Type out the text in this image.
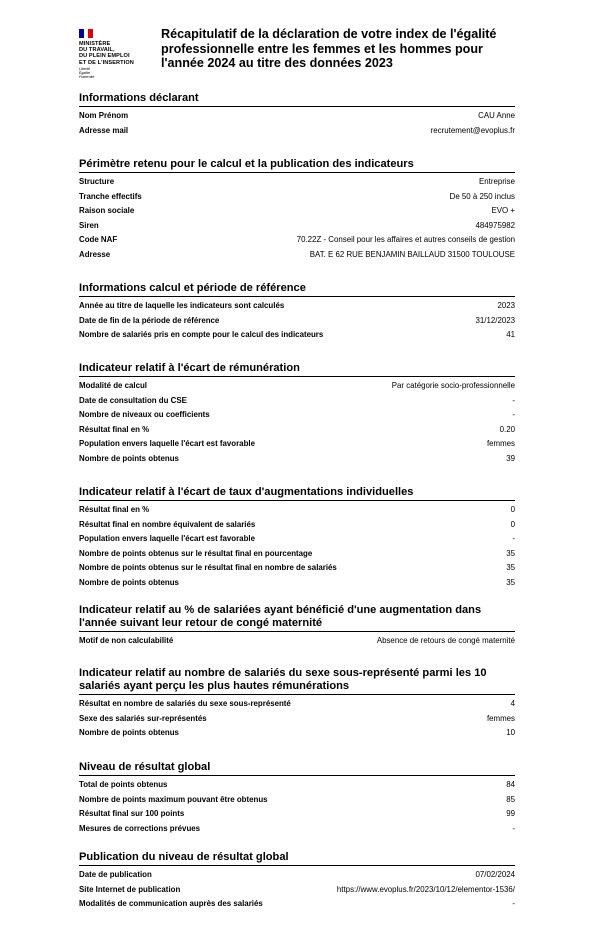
MINISTÈRE
DU TRAVAIL,
DU PLEIN EMPLOI
ET DE L'INSERTION
Liberté
Égalité
Fraternité
Récapitulatif de la déclaration de votre index de l'égalité professionnelle entre les femmes et les hommes pour l'année 2024 au titre des données 2023
Informations déclarant
Nom Prénom	CAU Anne
Adresse mail	recrutement@evoplus.fr
Périmètre retenu pour le calcul et la publication des indicateurs
Structure	Entreprise
Tranche effectifs	De 50 à 250 inclus
Raison sociale	EVO +
Siren	484975982
Code NAF	70.22Z - Conseil pour les affaires et autres conseils de gestion
Adresse	BAT. E 62 RUE BENJAMIN BAILLAUD 31500 TOULOUSE
Informations calcul et période de référence
Année au titre de laquelle les indicateurs sont calculés	2023
Date de fin de la période de référence	31/12/2023
Nombre de salariés pris en compte pour le calcul des indicateurs	41
Indicateur relatif à l'écart de rémunération
Modalité de calcul	Par catégorie socio-professionnelle
Date de consultation du CSE	-
Nombre de niveaux ou coefficients	-
Résultat final en %	0.20
Population envers laquelle l'écart est favorable	femmes
Nombre de points obtenus	39
Indicateur relatif à l'écart de taux d'augmentations individuelles
Résultat final en %	0
Résultat final en nombre équivalent de salariés	0
Population envers laquelle l'écart est favorable	-
Nombre de points obtenus sur le résultat final en pourcentage	35
Nombre de points obtenus sur le résultat final en nombre de salariés	35
Nombre de points obtenus	35
Indicateur relatif au % de salariées ayant bénéficié d'une augmentation dans l'année suivant leur retour de congé maternité
Motif de non calculabilité	Absence de retours de congé maternité
Indicateur relatif au nombre de salariés du sexe sous-représenté parmi les 10 salariés ayant perçu les plus hautes rémunérations
Résultat en nombre de salariés du sexe sous-représenté	4
Sexe des salariés sur-représentés	femmes
Nombre de points obtenus	10
Niveau de résultat global
Total de points obtenus	84
Nombre de points maximum pouvant être obtenus	85
Résultat final sur 100 points	99
Mesures de corrections prévues	-
Publication du niveau de résultat global
Date de publication	07/02/2024
Site Internet de publication	https://www.evoplus.fr/2023/10/12/elementor-1536/
Modalités de communication auprès des salariés	-
